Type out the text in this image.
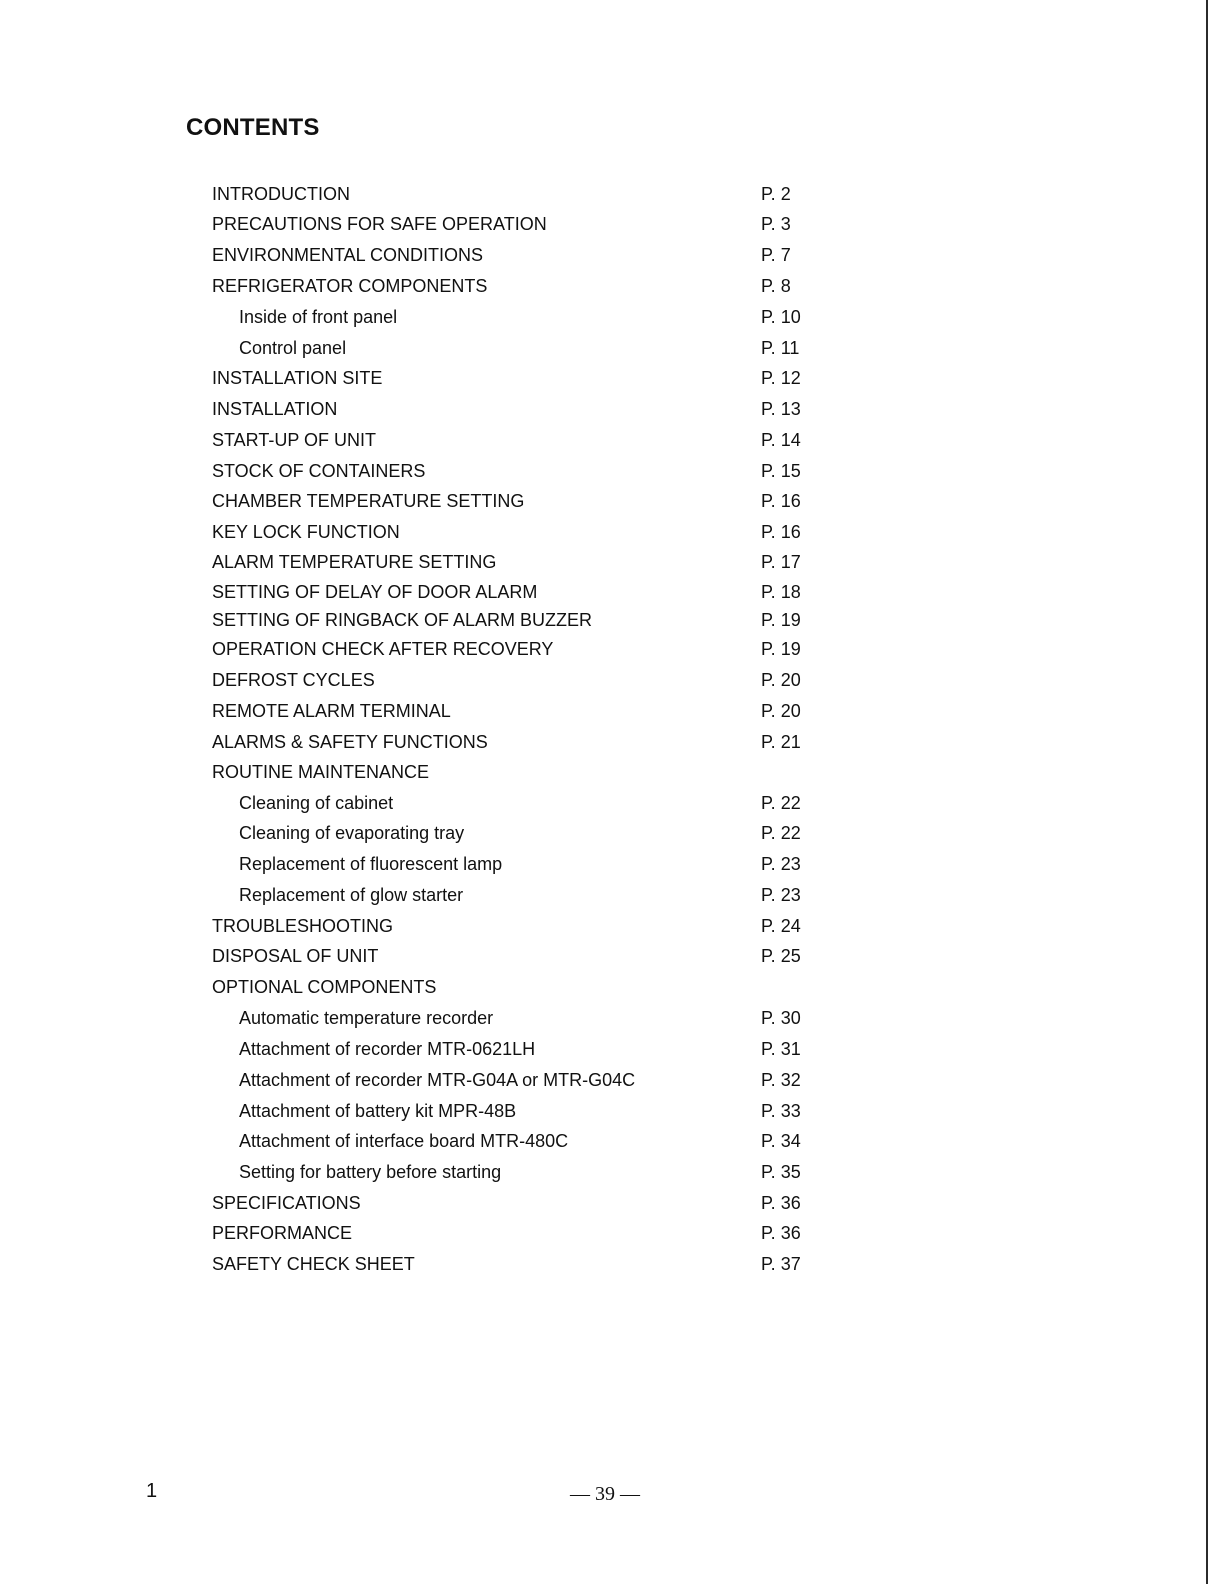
CONTENTS
INTRODUCTION	P. 2
PRECAUTIONS FOR SAFE OPERATION	P. 3
ENVIRONMENTAL CONDITIONS	P. 7
REFRIGERATOR COMPONENTS	P. 8
Inside of front panel	P. 10
Control panel	P. 11
INSTALLATION SITE	P. 12
INSTALLATION	P. 13
START-UP OF UNIT	P. 14
STOCK OF CONTAINERS	P. 15
CHAMBER TEMPERATURE SETTING	P. 16
KEY LOCK FUNCTION	P. 16
ALARM TEMPERATURE SETTING	P. 17
SETTING OF DELAY OF DOOR ALARM	P. 18
SETTING OF RINGBACK OF ALARM BUZZER	P. 19
OPERATION CHECK AFTER RECOVERY	P. 19
DEFROST CYCLES	P. 20
REMOTE ALARM TERMINAL	P. 20
ALARMS & SAFETY FUNCTIONS	P. 21
ROUTINE MAINTENANCE
Cleaning of cabinet	P. 22
Cleaning of evaporating tray	P. 22
Replacement of fluorescent lamp	P. 23
Replacement of glow starter	P. 23
TROUBLESHOOTING	P. 24
DISPOSAL OF UNIT	P. 25
OPTIONAL COMPONENTS
Automatic temperature recorder	P. 30
Attachment of recorder MTR-0621LH	P. 31
Attachment of recorder MTR-G04A or MTR-G04C	P. 32
Attachment of battery kit MPR-48B	P. 33
Attachment of interface board MTR-480C	P. 34
Setting for battery before starting	P. 35
SPECIFICATIONS	P. 36
PERFORMANCE	P. 36
SAFETY CHECK SHEET	P. 37
1	— 39 —
